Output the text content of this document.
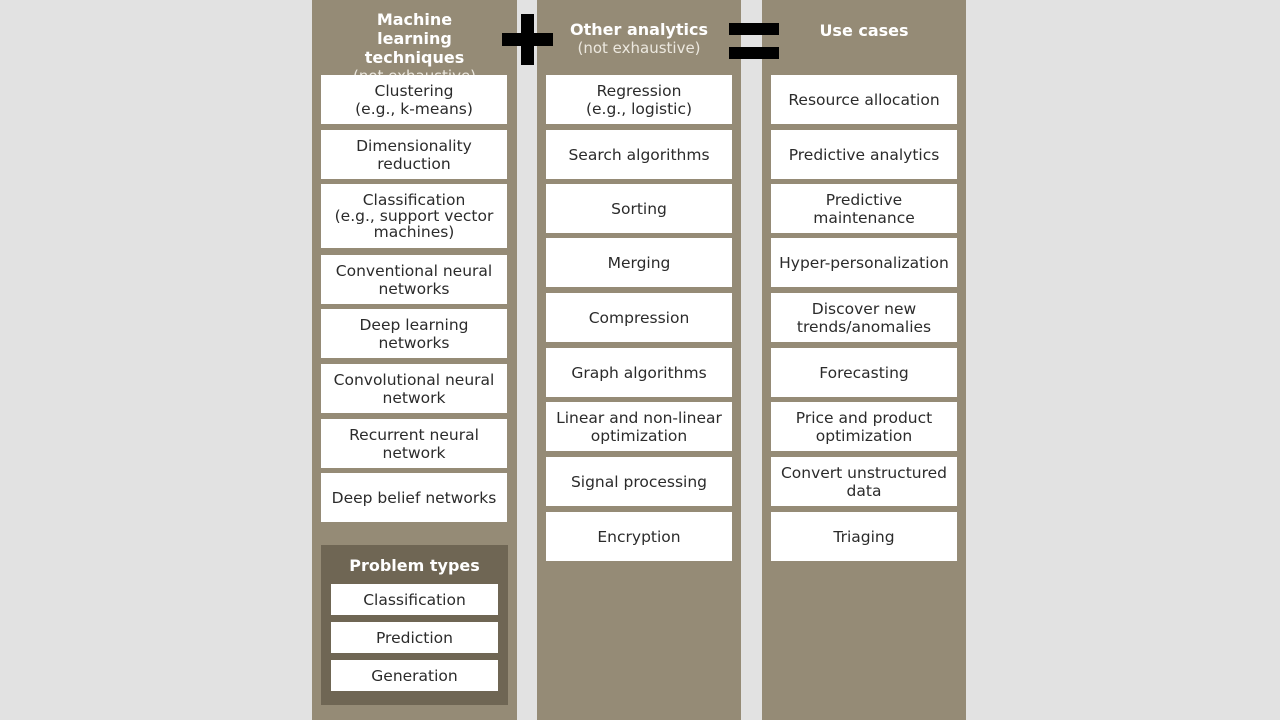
Machine learning techniques
Clustering
(e.g., k-means)
Dimensionality
reduction
Classification
(e.g., support vector
machines)
Conventional neural
networks
Deep learning
networks
Convolutional neural
network
Recurrent neural
network
Deep belief networks
Problem types
Classification
Prediction
Generation
Other analytics
(not exhaustive)
Regression
(e.g., logistic)
Search algorithms
Sorting
Merging
Compression
Graph algorithms
Linear and non-linear
optimization
Signal processing
Encryption
Use cases
Resource allocation
Predictive analytics
Predictive
maintenance
Hyper-personalization
Discover new
trends/anomalies
Forecasting
Price and product
optimization
Convert unstructured
data
Triaging
